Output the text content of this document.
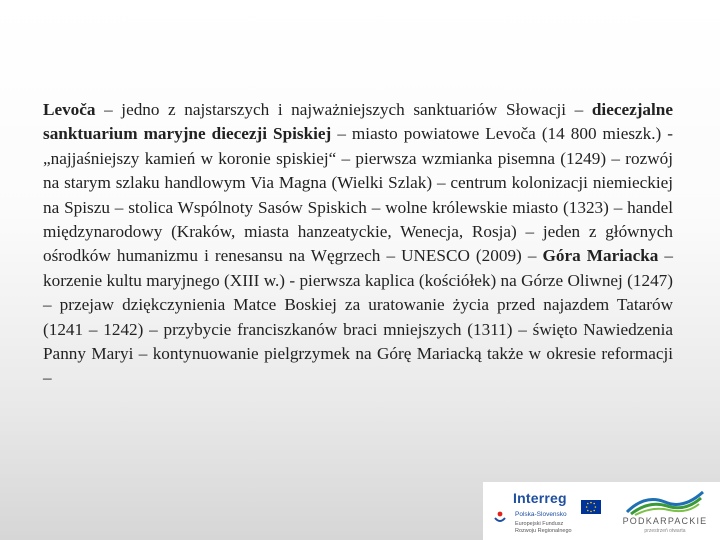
Levoča – jedno z najstarszych i najważniejszych sanktuariów Słowacji – diecezjalne sanktuarium maryjne diecezji Spiskiej – miasto powiatowe Levoča (14 800 mieszk.) - „najjaśniejszy kamień w koronie spiskiej“ – pierwsza wzmianka pisemna (1249) – rozwój na starym szlaku handlowym Via Magna (Wielki Szlak) – centrum kolonizacji niemieckiej na Spiszu – stolica Wspólnoty Sasów Spiskich – wolne królewskie miasto (1323) – handel międzynarodowy (Kraków, miasta hanzeatyckie, Wenecja, Rosja) – jeden z głównych ośrodków humanizmu i renesansu na Węgrzech – UNESCO (2009) – Góra Mariacka – korzenie kultu maryjnego (XIII w.) - pierwsza kaplica (kościółek) na Górze Oliwnej (1247) – przejaw dziękczynienia Matce Boskiej za uratowanie życia przed najazdem Tatarów (1241 – 1242) – przybycie franciszkanów braci mniejszych (1311) – święto Nawiedzenia Panny Maryi – kontynuowanie pielgrzymek na Górę Mariacką także w okresie reformacji –

Interreg
Polska-Slovensko
Europejski Fundusz Rozwoju Regionalnego
PODKARPACKIE
przestrzeń otwarta
